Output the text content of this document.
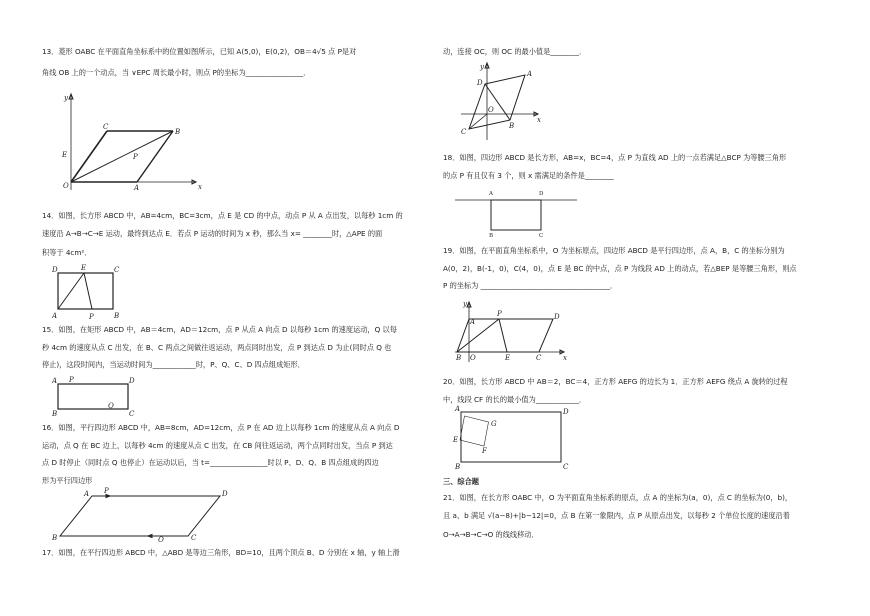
13．菱形 OABC 在平面直角坐标系中的位置如图所示，已知 A(5,0)，E(0,2)，OB＝4√5 点 P是对
角线 OB 上的一个动点，当 ∨EPC 周长最小时，则点 P的坐标为________________．
y
x
B
C
E	P
O	A
14．如图，长方形 ABCD 中，AB=4cm，BC=3cm，点 E 是 CD 的中点，动点 P 从 A 点出发，以每秒 1cm 的
速度沿 A→B→C→E 运动，最终到达点 E．若点 P 运动的时间为 x 秒，那么当 x= ________时，△APE 的面
积等于 4cm²．
D	E	C
A	P	B
15．如图，在矩形 ABCD 中，AB＝4cm，AD＝12cm，点 P 从点 A 向点 D 以每秒 1cm 的速度运动，Q 以每
秒 4cm 的速度从点 C 出发，在 B、C 两点之间做往返运动，两点同时出发，点 P 到达点 D 为止(同时点 Q 也
停止)，这段时间内，当运动时间为____________时，P、Q、C、D 四点组成矩形．
A P	D
B
Q
C
16．如图，平行四边形 ABCD 中，AB=8cm，AD=12cm，点 P 在 AD 边上以每秒 1cm 的速度从点 A 向点 D
运动，点 Q 在 BC 边上，以每秒 4cm 的速度从点 C 出发，在 CB 间往返运动，两个点同时出发，当点 P 到达
点 D 时停止（同时点 Q 也停止）在运动以后，当 t=________________时以 P、D、Q、B 四点组成的四边
形为平行四边形
A P	D
B	Q	C
17．如图，在平行四边形 ABCD 中，△ABD 是等边三角形，BD=10，且两个顶点 B、D 分别在 x 轴，y 轴上滑
动，连接 OC，则 OC 的最小值是________．
y
x
D
A
O
C
B
18．如图，四边形 ABCD 是长方形，AB=x，BC=4，点 P 为直线 AD 上的一点若满足△BCP 为等腰三角形
的点 P 有且仅有 3 个，则 x 需满足的条件是________
A	D
B	C
19．如图，在平面直角坐标系中，O 为坐标原点，四边形 ABCD 是平行四边形，点 A，B，C 的坐标分别为
A(0，2)，B(-1，0)，C(4，0)，点 E 是 BC 的中点，点 P 为线段 AD 上的动点，若△BEP 是等腰三角形，则点
P 的坐标为 ____________________________________．
y
A
P	D
B O	E	C	x
20．如图，长方形 ABCD 中 AB＝2，BC＝4，正方形 AEFG 的边长为 1．正方形 AEFG 绕点 A 旋转的过程
中，线段 CF 的长的最小值为____________．
A	D
G
E
F
B	C
三、综合题
21．如图，在长方形 OABC 中，O 为平面直角坐标系的原点，点 A 的坐标为(a，0)，点 C 的坐标为(0，b)，
且 a、b 满足 √(a−8)+|b−12|=0，点 B 在第一象限内，点 P 从原点出发，以每秒 2 个单位长度的速度沿着
O→A→B→C→O 的线线移动．
